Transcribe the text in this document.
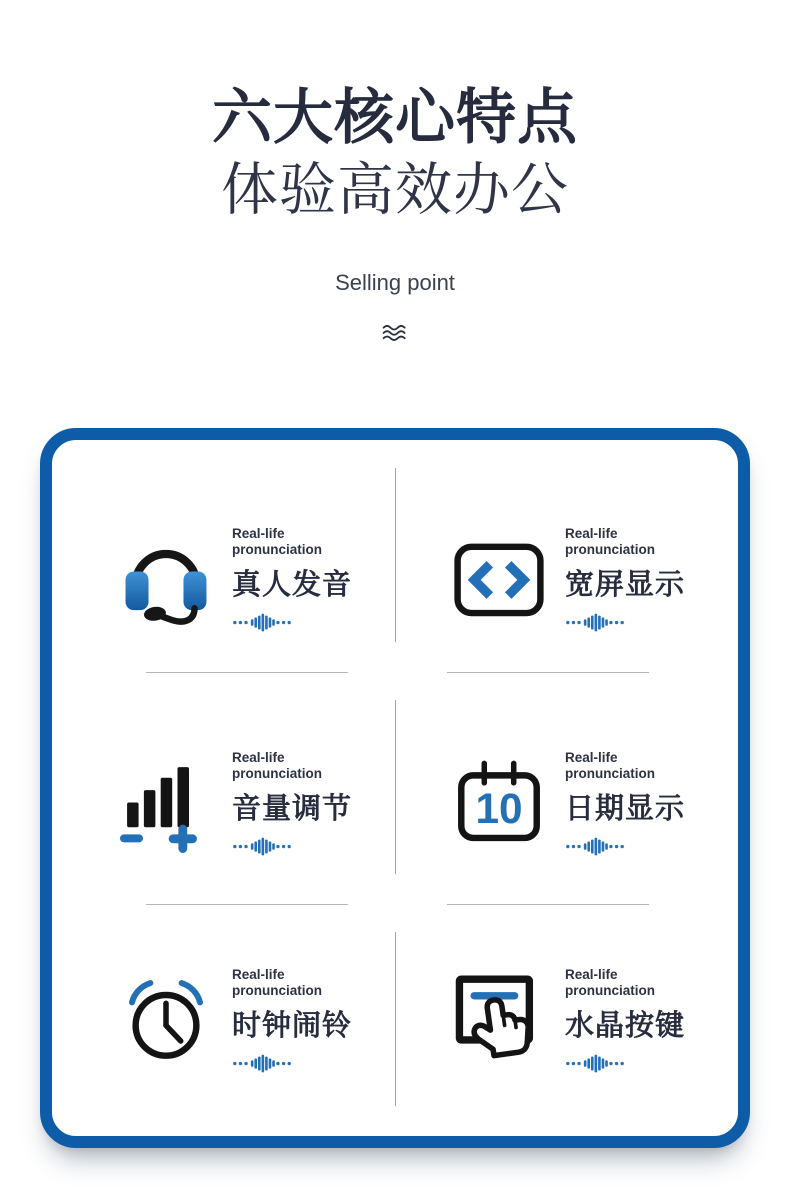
六大核心特点
体验高效办公
Selling point
Real-life pronunciation
真人发音
Real-life pronunciation
宽屏显示
Real-life pronunciation
音量调节	10
Real-life pronunciation
日期显示
Real-life pronunciation
时钟闹铃
Real-life pronunciation
水晶按键
